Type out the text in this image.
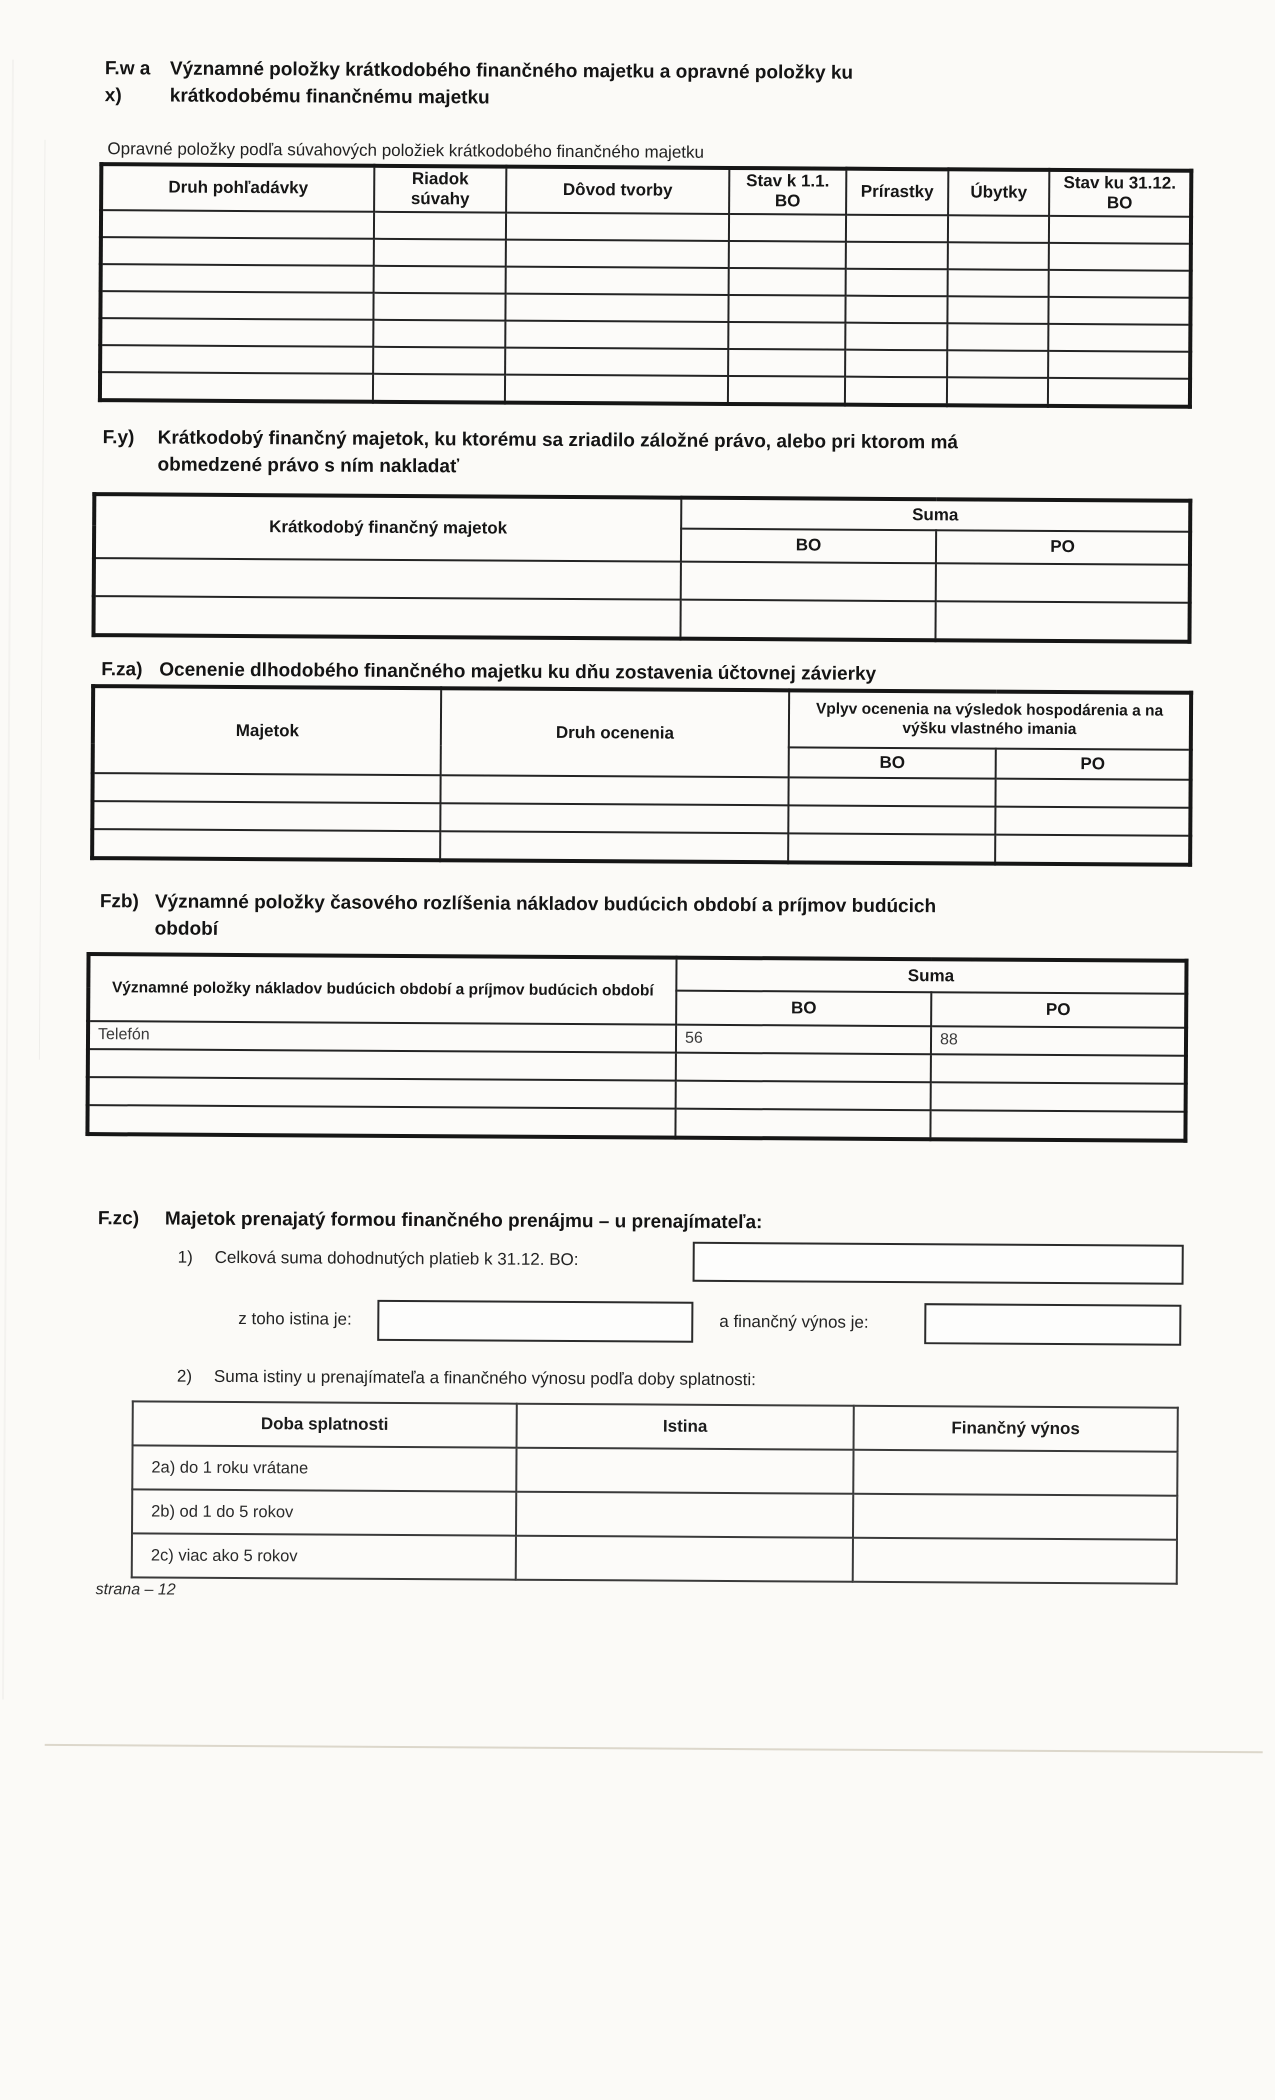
F.w a x)
Významné položky krátkodobého finančného majetku a opravné položky ku krátkodobému finančnému majetku
Opravné položky podľa súvahových položiek krátkodobého finančného majetku
Druh pohľadávky	Riadok súvahy	Dôvod tvorby	Stav k 1.1. BO	Prírastky	Úbytky	Stav ku 31.12. BO

F.y)	Krátkodobý finančný majetok, ku ktorému sa zriadilo záložné právo, alebo pri ktorom má obmedzené právo s ním nakladať
Krátkodobý finančný majetok	Suma	
	BO	PO

F.za) Ocenenie dlhodobého finančného majetku ku dňu zostavenia účtovnej závierky
Majetok	Druh ocenenia	Vplyv ocenenia na výsledok hospodárenia a na výšku vlastného imania	
		BO	PO

Fzb) Významné položky časového rozlíšenia nákladov budúcich období a príjmov budúcich období
Významné položky nákladov budúcich období a príjmov budúcich období	Suma	
	BO	PO
Telefón	56	88

F.zc)	Majetok prenajatý formou finančného prenájmu – u prenajímateľa:
1) Celková suma dohodnutých platieb k 31.12. BO:
z toho istina je:	a finančný výnos je:
2) Suma istiny u prenajímateľa a finančného výnosu podľa doby splatnosti:
Doba splatnosti	Istina	Finančný výnos
2a) do 1 roku vrátane		
2b) od 1 do 5 rokov		
2c) viac ako 5 rokov		
strana – 12
